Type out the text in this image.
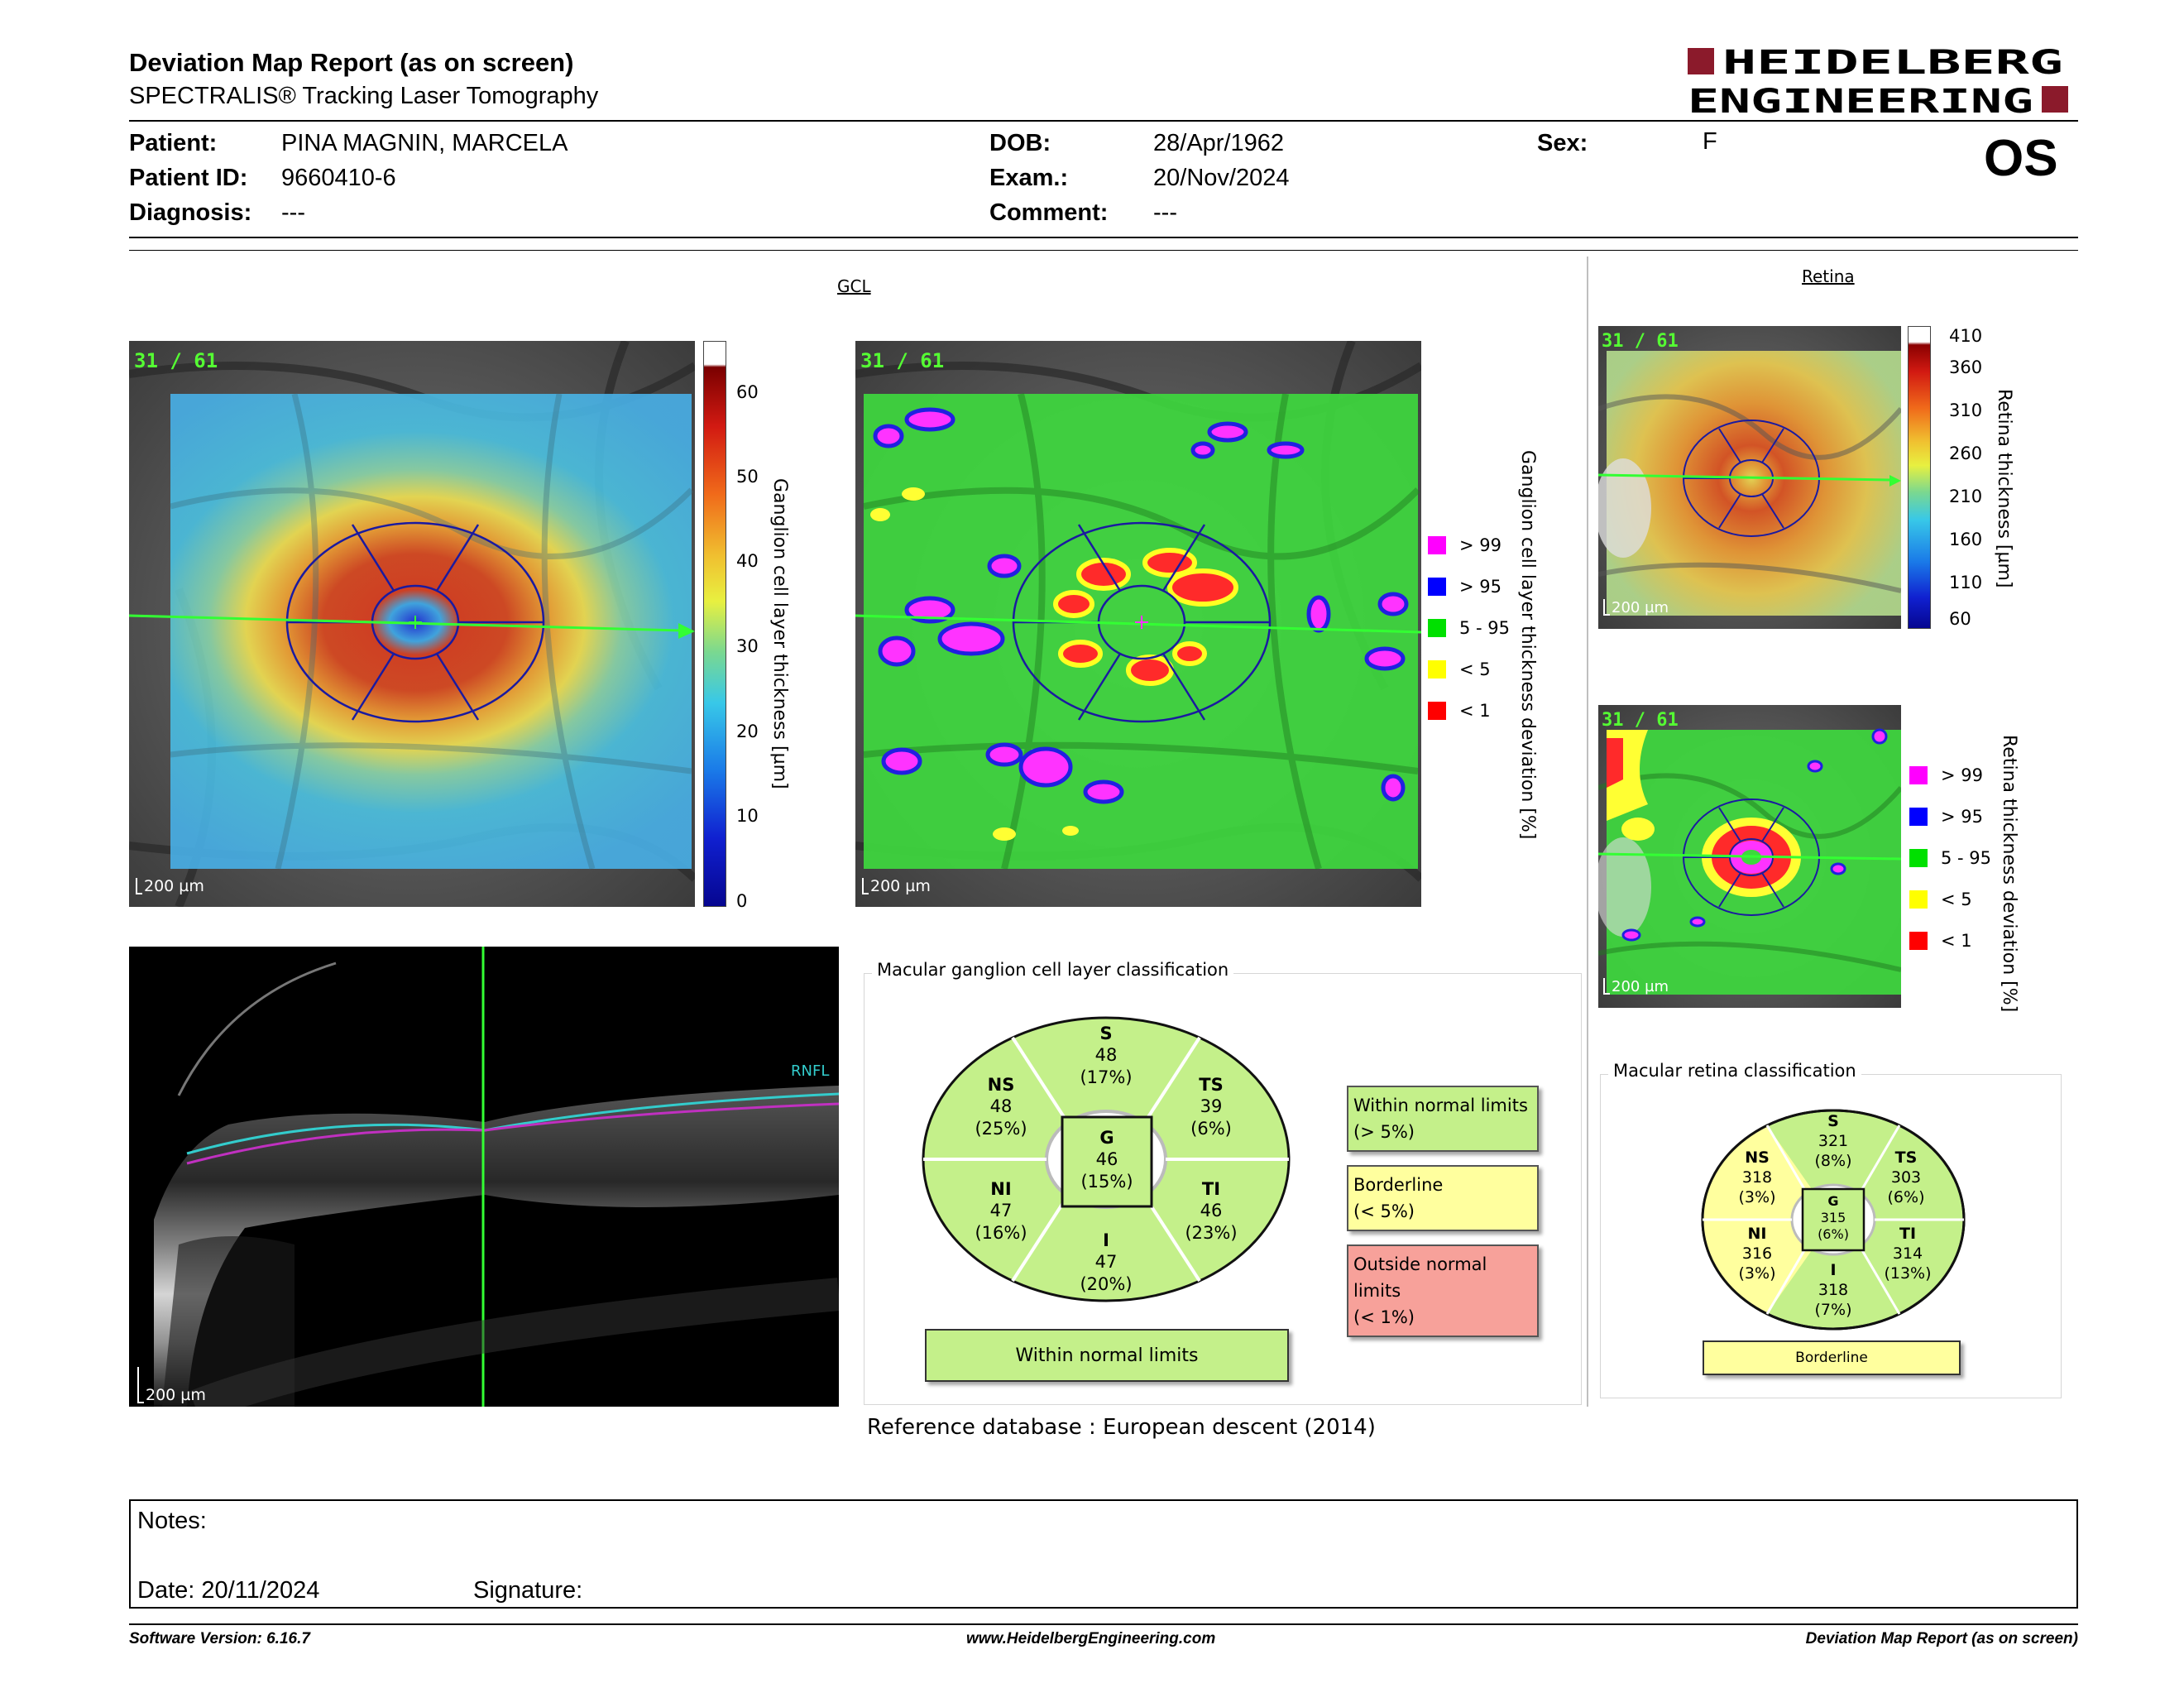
Deviation Map Report (as on screen)
SPECTRALIS® Tracking Laser Tomography
HEIDELBERG
ENGINEERING
Patient:	PINA MAGNIN, MARCELA
Patient ID: 9660410-6
Diagnosis: ---
DOB:	28/Apr/1962
Exam.:	20/Nov/2024
Comment: ---
Sex:	F	OS
GCL
31 / 61
200 µm
60
50
40
30
20
10
0
Ganglion cell layer thickness [µm]
31 / 61
200 µm
> 99
> 95
5 - 95
< 5
< 1 Ganglion cell layer thickness deviation [%]
RNFL
200 µm
Macular ganglion cell layer classification
S
48
(17%)
NS
48
(25%)
TS
39
(6%)
G
46
(15%)
NI
47
(16%)
TI
46
(23%)
I
47
(20%)
Within normal limits
Within normal limits
(> 5%)
Borderline
(< 5%)
Outside normal limits
(< 1%)
Reference database : European descent (2014)
Retina
31 / 61
200 µm
410
360
310
260
210
160
110
60
Retina thickness [µm]
31 / 61
200 µm
> 99
> 95
5 - 95
< 5
< 1 Retina thickness deviation [%]
Macular retina classification
S
321
(8%)
NS
318
(3%)
TS
303
(6%)
G
315
(6%)
NI
316
(3%)
TI
314
(13%)
I
318
(7%)
Borderline
Notes:
Date: 20/11/2024	Signature:
Software Version: 6.16.7	www.HeidelbergEngineering.com	Deviation Map Report (as on screen)
